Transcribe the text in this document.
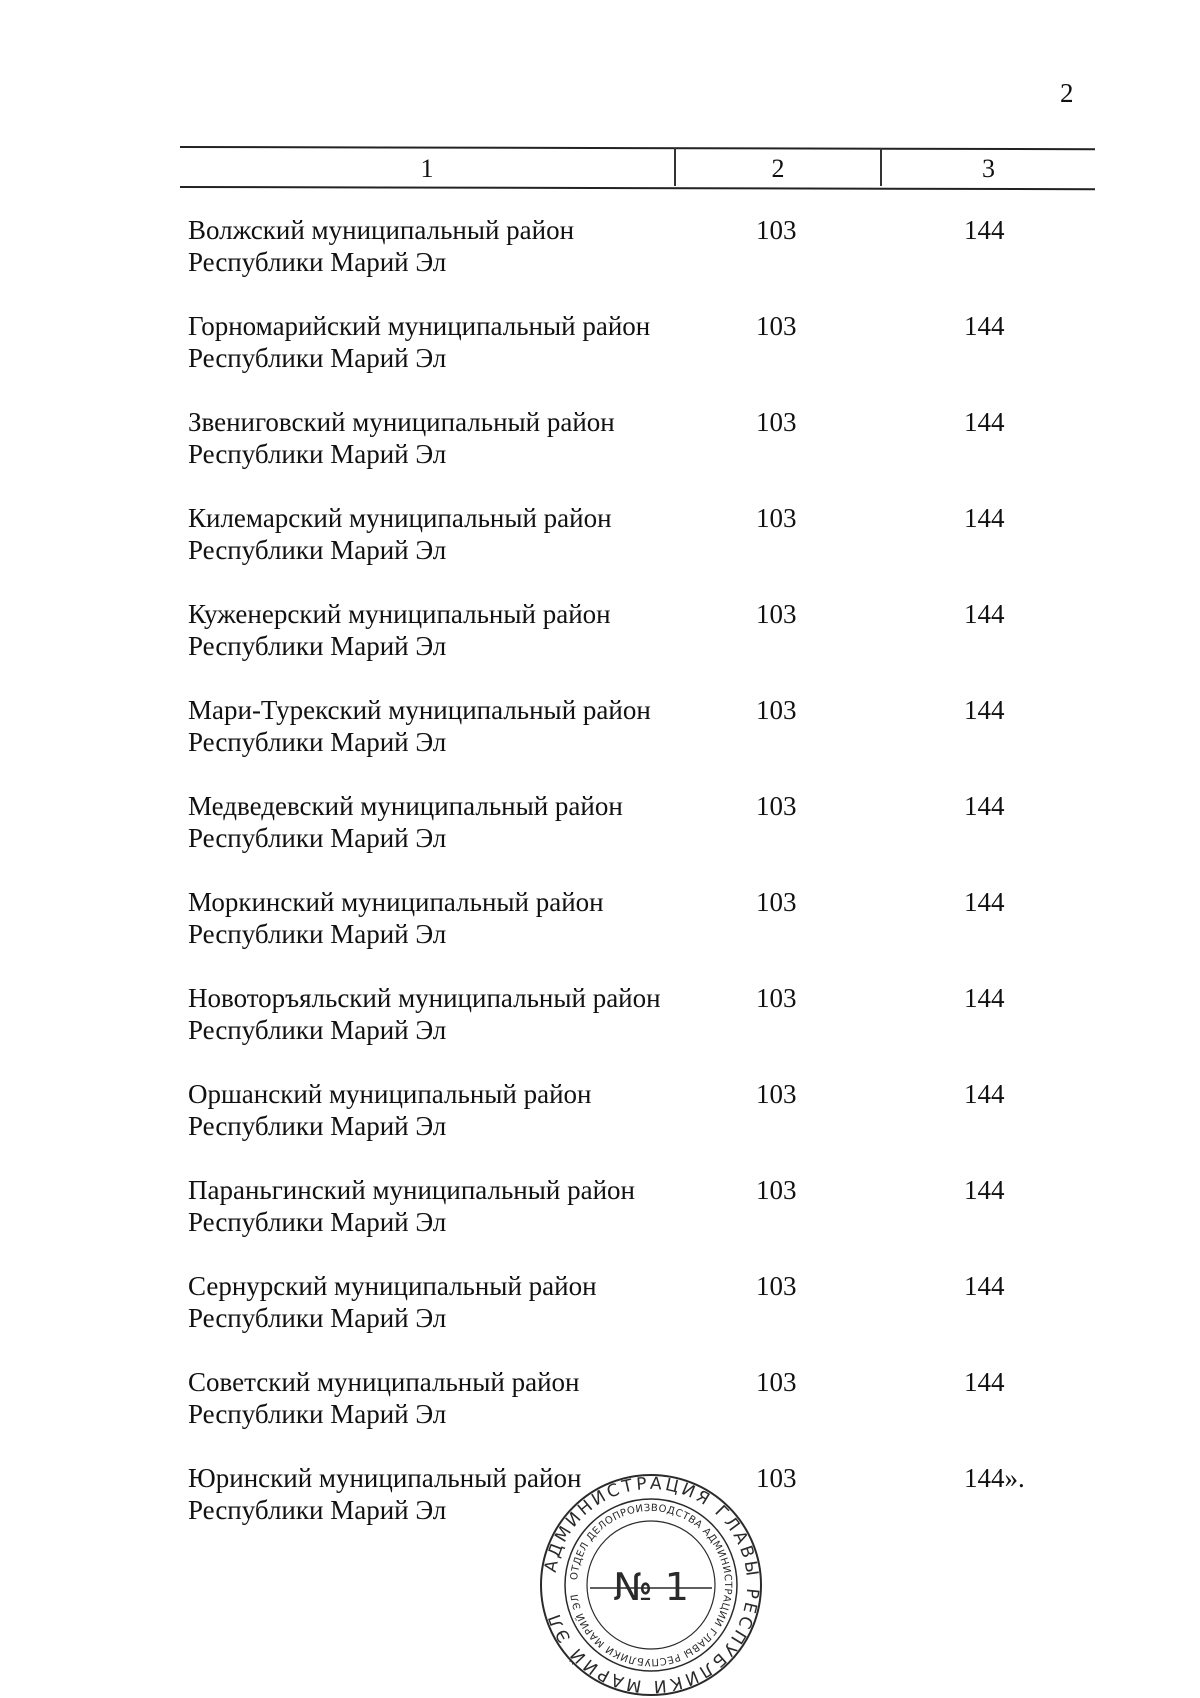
2
1	2	3
Волжский муниципальный район Республики Марий Эл
103	144
Горномарийский муниципальный район Республики Марий Эл
103	144
Звениговский муниципальный район Республики Марий Эл
103	144
Килемарский муниципальный район Республики Марий Эл
103	144
Куженерский муниципальный район Республики Марий Эл
103	144
Мари-Турекский муниципальный район Республики Марий Эл
103	144
Медведевский муниципальный район Республики Марий Эл
103	144
Моркинский муниципальный район Республики Марий Эл
103	144
Новоторъяльский муниципальный район Республики Марий Эл
103	144
Оршанский муниципальный район Республики Марий Эл
103	144
Параньгинский муниципальный район Республики Марий Эл
103	144
Сернурский муниципальный район Республики Марий Эл
103	144
Советский муниципальный район Республики Марий Эл
103	144
Юринский муниципальный район Республики Марий Эл
103	144».
АДМИНИСТРАЦИЯ ГЛАВЫ РЕСПУБЛИКИ МАРИЙ ЭЛ
ОТДЕЛ ДЕЛОПРОИЗВОДСТВА АДМИНИСТРАЦИИ ГЛАВЫ РЕСПУБЛИКИ МАРИЙ ЭЛ № 1
